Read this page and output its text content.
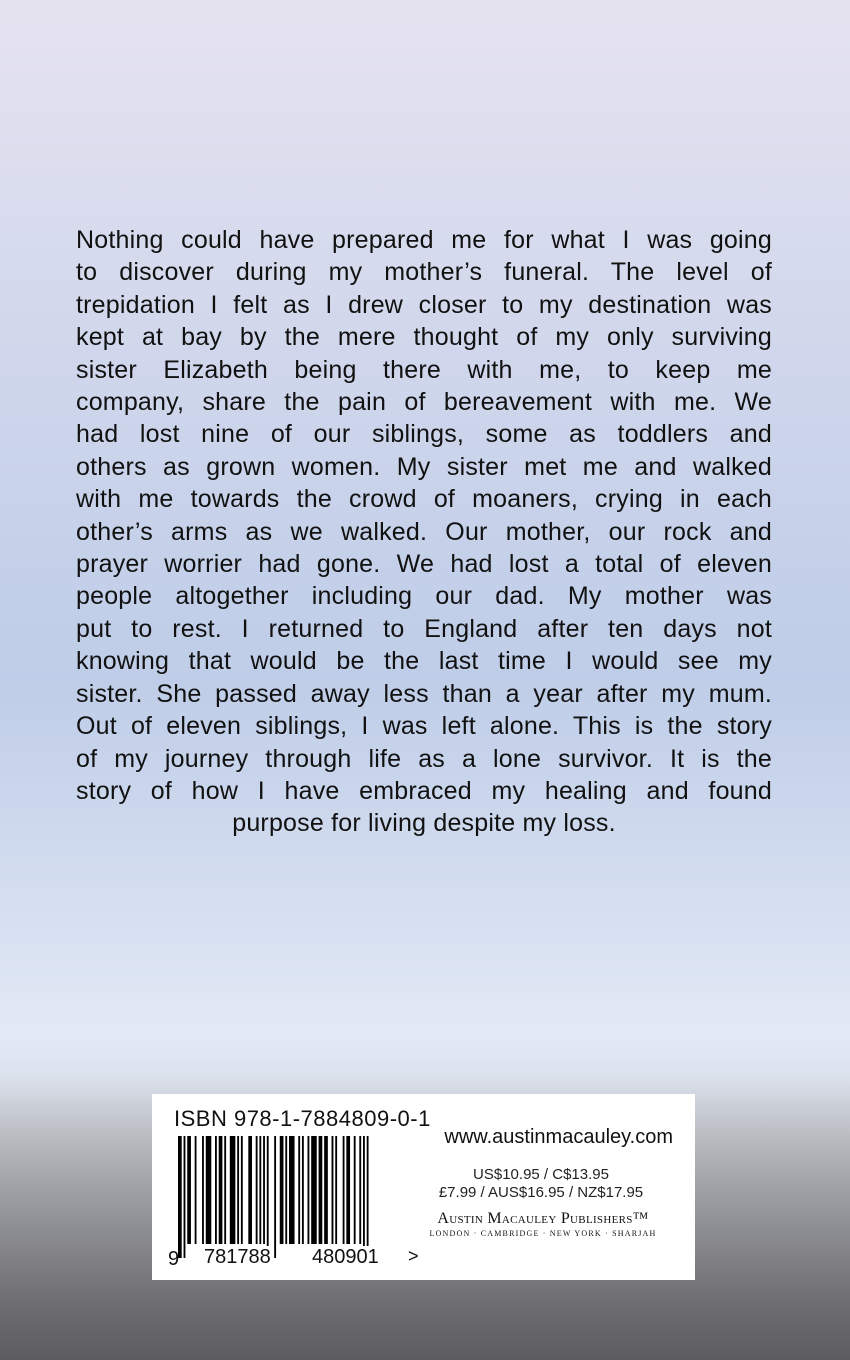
Nothing could have prepared me for what I was going
to discover during my mother’s funeral. The level of
trepidation I felt as I drew closer to my destination was
kept at bay by the mere thought of my only surviving
sister Elizabeth being there with me, to keep me
company, share the pain of bereavement with me. We
had lost nine of our siblings, some as toddlers and
others as grown women. My sister met me and walked
with me towards the crowd of moaners, crying in each
other’s arms as we walked. Our mother, our rock and
prayer worrier had gone. We had lost a total of eleven
people altogether including our dad. My mother was
put to rest. I returned to England after ten days not
knowing that would be the last time I would see my
sister. She passed away less than a year after my mum.
Out of eleven siblings, I was left alone. This is the story
of my journey through life as a lone survivor. It is the
story of how I have embraced my healing and found
purpose for living despite my loss.

ISBN 978-1-7884809-0-1
9 781788 480901 >
www.austinmacauley.com
US$10.95 / C$13.95
£7.99 / AUS$16.95 / NZ$17.95
Austin Macauley Publishers™
LONDON · CAMBRIDGE · NEW YORK · SHARJAH
